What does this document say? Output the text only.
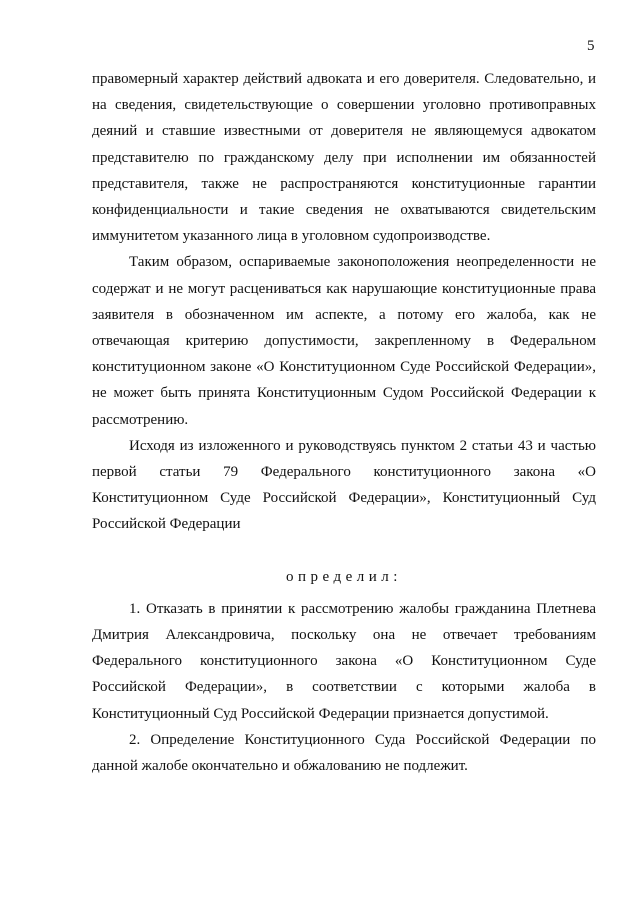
5

правомерный характер действий адвоката и его доверителя. Следовательно, и на сведения, свидетельствующие о совершении уголовно противоправных деяний и ставшие известными от доверителя не являющемуся адвокатом представителю по гражданскому делу при исполнении им обязанностей представителя, также не распространяются конституционные гарантии конфиденциальности и такие сведения не охватываются свидетельским иммунитетом указанного лица в уголовном судопроизводстве.

Таким образом, оспариваемые законоположения неопределенности не содержат и не могут расцениваться как нарушающие конституционные права заявителя в обозначенном им аспекте, а потому его жалоба, как не отвечающая критерию допустимости, закрепленному в Федеральном конституционном законе «О Конституционном Суде Российской Федерации», не может быть принята Конституционным Судом Российской Федерации к рассмотрению.

Исходя из изложенного и руководствуясь пунктом 2 статьи 43 и частью первой статьи 79 Федерального конституционного закона «О Конституционном Суде Российской Федерации», Конституционный Суд Российской Федерации

определил:

1. Отказать в принятии к рассмотрению жалобы гражданина Плетнева Дмитрия Александровича, поскольку она не отвечает требованиям Федерального конституционного закона «О Конституционном Суде Российской Федерации», в соответствии с которыми жалоба в Конституционный Суд Российской Федерации признается допустимой.

2. Определение Конституционного Суда Российской Федерации по данной жалобе окончательно и обжалованию не подлежит.
